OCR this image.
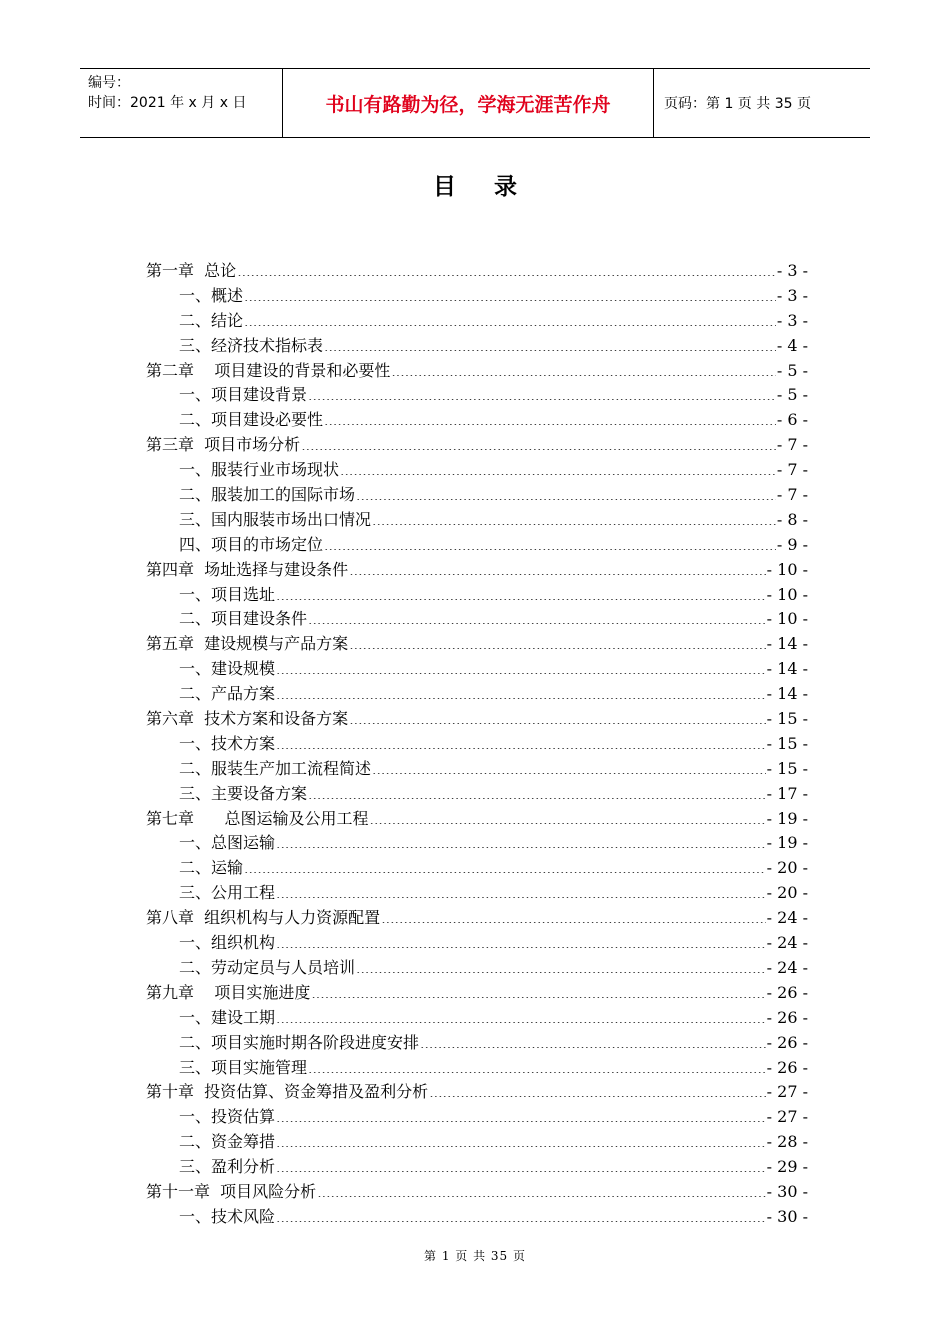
编号：
时间：2021 年 x 月 x 日	书山有路勤为径，学海无涯苦作舟	页码：第 1 页 共 35 页
目录
第一章  总论 .....	- 3 -
一、概述 .....	- 3 -
二、结论 .....	- 3 -
三、经济技术指标表 .....	- 4 -
第二章    项目建设的背景和必要性 .....	- 5 -
一、项目建设背景 .....	- 5 -
二、项目建设必要性 .....	- 6 -
第三章  项目市场分析 .....	- 7 -
一、服装行业市场现状 .....	- 7 -
二、服装加工的国际市场 .....	- 7 -
三、国内服装市场出口情况 .....	- 8 -
四、项目的市场定位 .....	- 9 -
第四章  场址选择与建设条件 .....	- 10 -
一、项目选址 .....	- 10 -
二、项目建设条件 .....	- 10 -
第五章  建设规模与产品方案 .....	- 14 -
一、建设规模 .....	- 14 -
二、产品方案 .....	- 14 -
第六章  技术方案和设备方案 .....	- 15 -
一、技术方案 .....	- 15 -
二、服装生产加工流程简述 .....	- 15 -
三、主要设备方案 .....	- 17 -
第七章      总图运输及公用工程 .....	- 19 -
一、总图运输 .....	- 19 -
二、运输 .....	- 20 -
三、公用工程 .....	- 20 -
第八章  组织机构与人力资源配置 .....	- 24 -
一、组织机构 .....	- 24 -
二、劳动定员与人员培训 .....	- 24 -
第九章    项目实施进度 .....	- 26 -
一、建设工期 .....	- 26 -
二、项目实施时期各阶段进度安排 .....	- 26 -
三、项目实施管理 .....	- 26 -
第十章  投资估算、资金筹措及盈利分析 .....	- 27 -
一、投资估算 .....	- 27 -
二、资金筹措 .....	- 28 -
三、盈利分析 .....	- 29 -
第十一章  项目风险分析 .....	- 30 -
一、技术风险 .....	- 30 -
第 1 页 共 35 页
